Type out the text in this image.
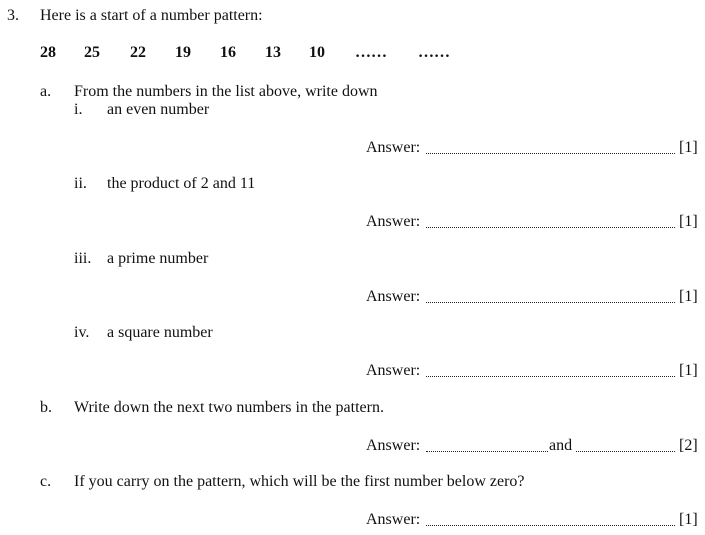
3. Here is a start of a number pattern:
28 25 22 19 16 13 10 …… ……
a. From the numbers in the list above, write down
i. an even number
Answer:	[1]
ii. the product of 2 and 11
Answer:	[1]
iii. a prime number
Answer:	[1]
iv. a square number
Answer:	[1]
b. Write down the next two numbers in the pattern.
Answer:	and	[2]
c. If you carry on the pattern, which will be the first number below zero?
Answer:	[1]
